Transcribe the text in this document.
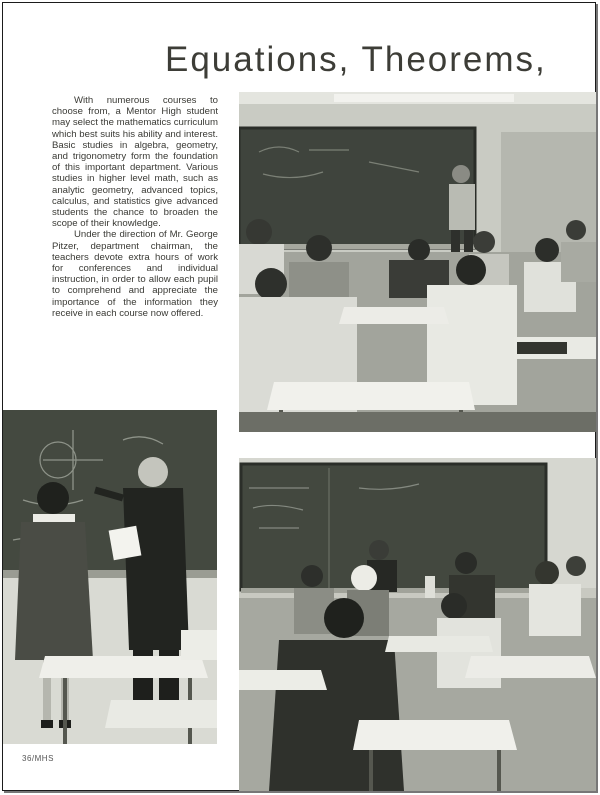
Equations, Theorems,

With numerous courses to choose from, a Mentor High student may select the mathematics curriculum which best suits his ability and interest. Basic studies in algebra, geometry, and trigonometry form the foundation of this important department. Various studies in higher level math, such as analytic geometry, advanced topics, calculus, and statistics give advanced students the chance to broaden the scope of their knowledge.

Under the direction of Mr. George Pitzer, department chairman, the teachers devote extra hours of work for conferences and individual instruction, in order to allow each pupil to comprehend and appreciate the importance of the information they receive in each course now offered.

36/MHS
